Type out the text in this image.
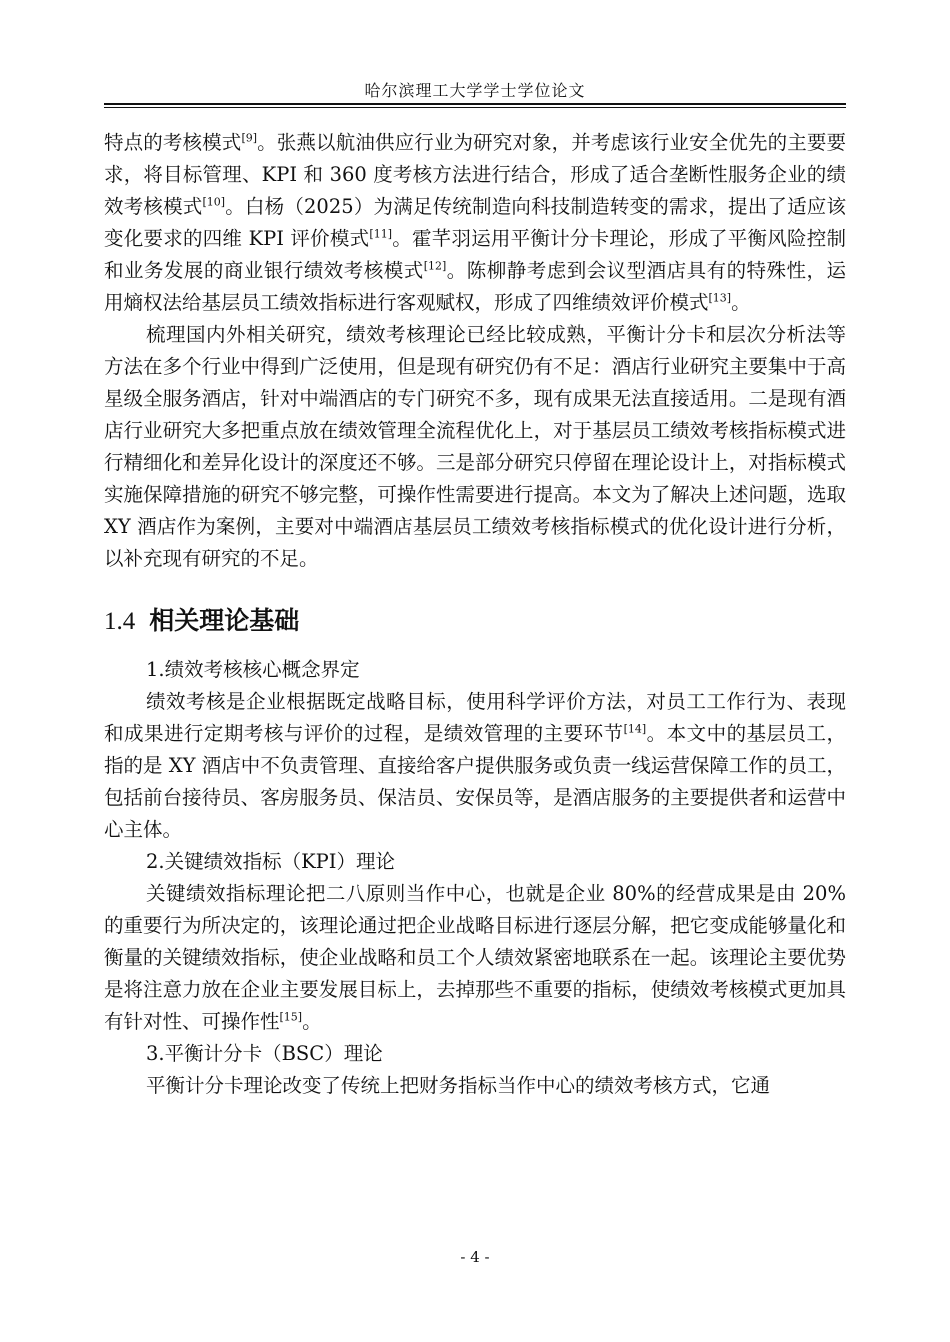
哈尔滨理工大学学士学位论文

特点的考核模式[9]。张燕以航油供应行业为研究对象，并考虑该行业安全优先的主要要求，将目标管理、KPI 和 360 度考核方法进行结合，形成了适合垄断性服务企业的绩效考核模式[10]。白杨（2025）为满足传统制造向科技制造转变的需求，提出了适应该变化要求的四维 KPI 评价模式[11]。霍芊羽运用平衡计分卡理论，形成了平衡风险控制和业务发展的商业银行绩效考核模式[12]。陈柳静考虑到会议型酒店具有的特殊性，运用熵权法给基层员工绩效指标进行客观赋权，形成了四维绩效评价模式[13]。

梳理国内外相关研究，绩效考核理论已经比较成熟，平衡计分卡和层次分析法等方法在多个行业中得到广泛使用，但是现有研究仍有不足：酒店行业研究主要集中于高星级全服务酒店，针对中端酒店的专门研究不多，现有成果无法直接适用。二是现有酒店行业研究大多把重点放在绩效管理全流程优化上，对于基层员工绩效考核指标模式进行精细化和差异化设计的深度还不够。三是部分研究只停留在理论设计上，对指标模式实施保障措施的研究不够完整，可操作性需要进行提高。本文为了解决上述问题，选取 XY 酒店作为案例，主要对中端酒店基层员工绩效考核指标模式的优化设计进行分析，以补充现有研究的不足。

1.4 相关理论基础

1.绩效考核核心概念界定

绩效考核是企业根据既定战略目标，使用科学评价方法，对员工工作行为、表现和成果进行定期考核与评价的过程，是绩效管理的主要环节[14]。本文中的基层员工，指的是 XY 酒店中不负责管理、直接给客户提供服务或负责一线运营保障工作的员工，包括前台接待员、客房服务员、保洁员、安保员等，是酒店服务的主要提供者和运营中心主体。

2.关键绩效指标（KPI）理论

关键绩效指标理论把二八原则当作中心，也就是企业 80%的经营成果是由 20%的重要行为所决定的，该理论通过把企业战略目标进行逐层分解，把它变成能够量化和衡量的关键绩效指标，使企业战略和员工个人绩效紧密地联系在一起。该理论主要优势是将注意力放在企业主要发展目标上，去掉那些不重要的指标，使绩效考核模式更加具有针对性、可操作性[15]。

3.平衡计分卡（BSC）理论

平衡计分卡理论改变了传统上把财务指标当作中心的绩效考核方式，它通

- 4 -
